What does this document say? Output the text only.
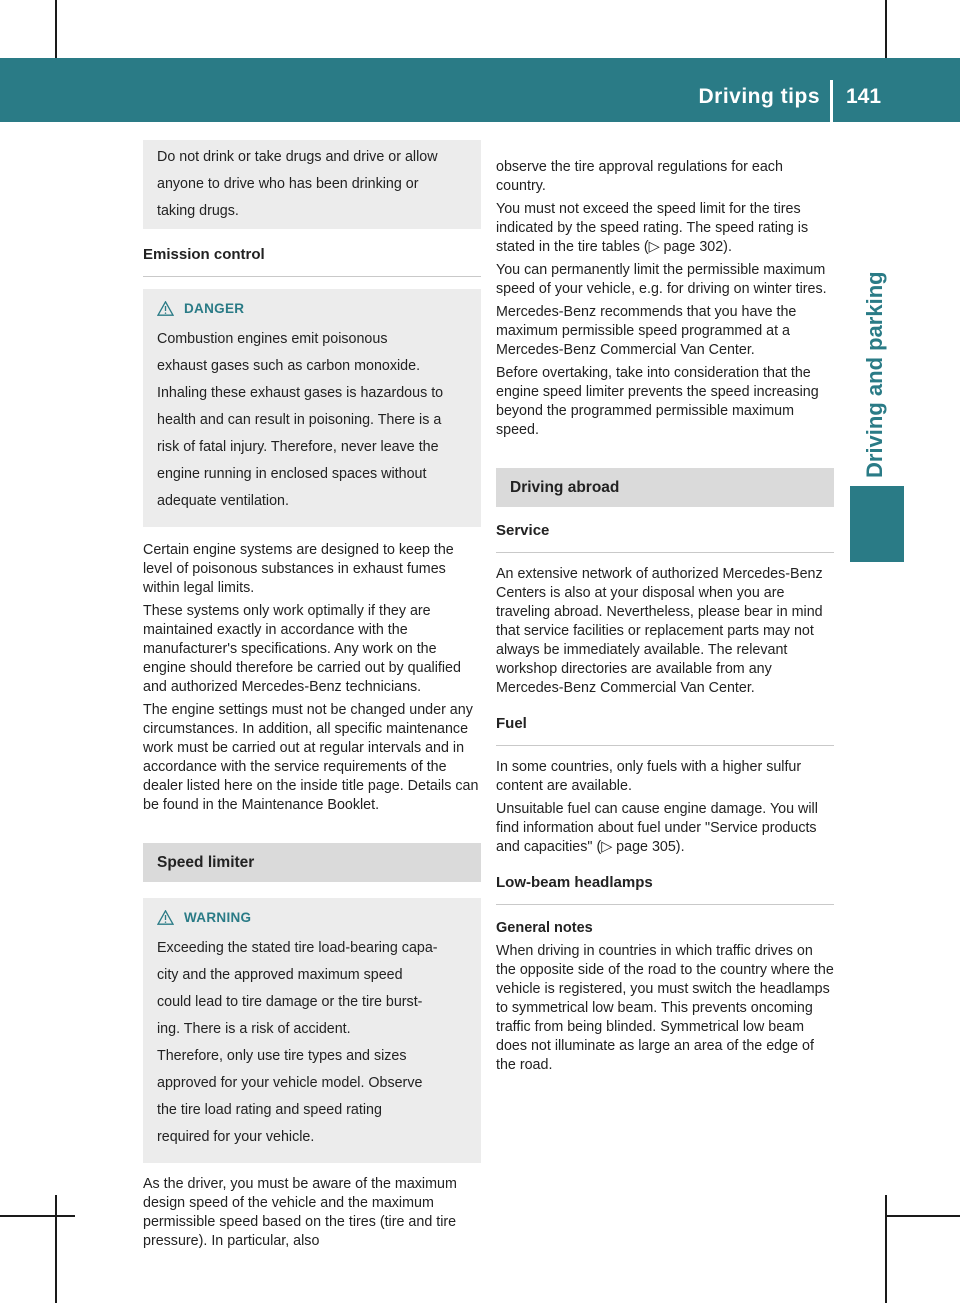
Driving tips 141
Driving and parking
Do not drink or take drugs and drive or allow
anyone to drive who has been drinking or
taking drugs.
Emission control
DANGER
Combustion engines emit poisonous
exhaust gases such as carbon monoxide.
Inhaling these exhaust gases is hazardous to
health and can result in poisoning. There is a
risk of fatal injury. Therefore, never leave the
engine running in enclosed spaces without
adequate ventilation.

Certain engine systems are designed to keep the level of poisonous substances in exhaust fumes within legal limits.

These systems only work optimally if they are maintained exactly in accordance with the manufacturer's specifications. Any work on the engine should therefore be carried out by qualified and authorized Mercedes-Benz technicians.

The engine settings must not be changed under any circumstances. In addition, all specific maintenance work must be carried out at regular intervals and in accordance with the service requirements of the dealer listed here on the inside title page. Details can be found in the Maintenance Booklet.

Speed limiter
WARNING
Exceeding the stated tire load-bearing capa-
city and the approved maximum speed
could lead to tire damage or the tire burst-
ing. There is a risk of accident.
Therefore, only use tire types and sizes
approved for your vehicle model. Observe
the tire load rating and speed rating
required for your vehicle.

As the driver, you must be aware of the maximum design speed of the vehicle and the maximum permissible speed based on the tires (tire and tire pressure). In particular, also

observe the tire approval regulations for each country.

You must not exceed the speed limit for the tires indicated by the speed rating. The speed rating is stated in the tire tables (▷ page 302).

You can permanently limit the permissible maximum speed of your vehicle, e.g. for driving on winter tires.

Mercedes-Benz recommends that you have the maximum permissible speed programmed at a Mercedes-Benz Commercial Van Center.

Before overtaking, take into consideration that the engine speed limiter prevents the speed increasing beyond the programmed permissible maximum speed.

Driving abroad
Service

An extensive network of authorized Mercedes-Benz Centers is also at your disposal when you are traveling abroad. Nevertheless, please bear in mind that service facilities or replacement parts may not always be immediately available. The relevant workshop directories are available from any Mercedes-Benz Commercial Van Center.

Fuel

In some countries, only fuels with a higher sulfur content are available.

Unsuitable fuel can cause engine damage. You will find information about fuel under "Service products and capacities" (▷ page 305).

Low-beam headlamps
General notes

When driving in countries in which traffic drives on the opposite side of the road to the country where the vehicle is registered, you must switch the headlamps to symmetrical low beam. This prevents oncoming traffic from being blinded. Symmetrical low beam does not illuminate as large an area of the edge of the road.
